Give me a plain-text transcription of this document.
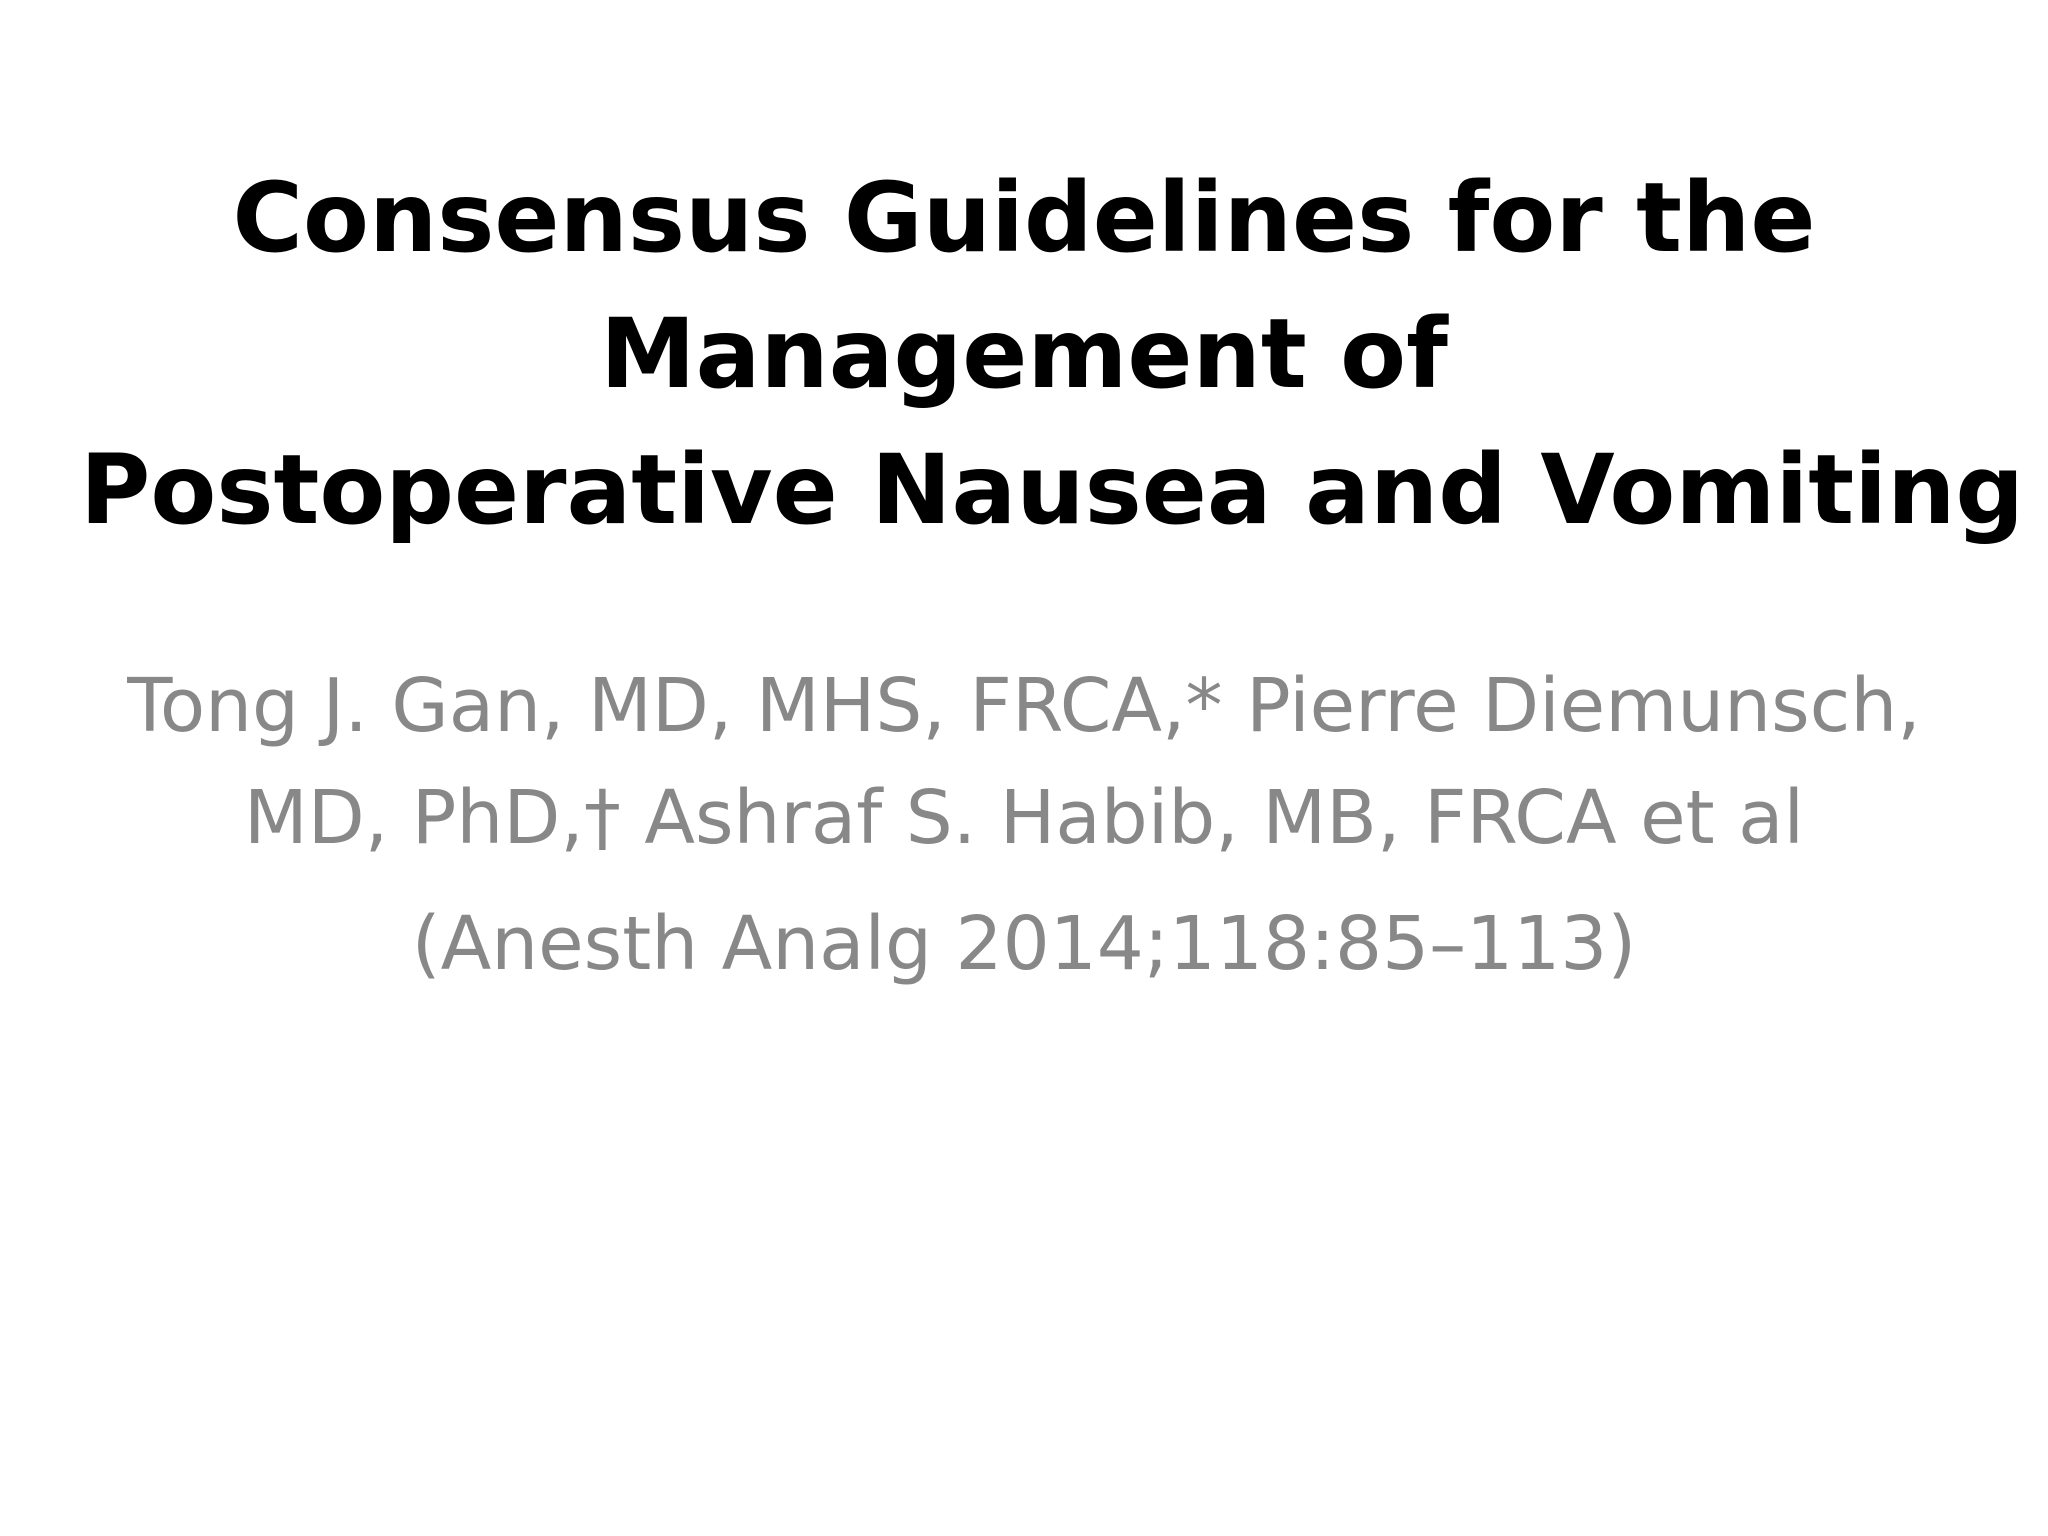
Consensus Guidelines for the
Management of
Postoperative Nausea and Vomiting
Tong J. Gan, MD, MHS, FRCA,* Pierre Diemunsch,
MD, PhD,† Ashraf S. Habib, MB, FRCA et al
(Anesth Analg 2014;118:85–113)
